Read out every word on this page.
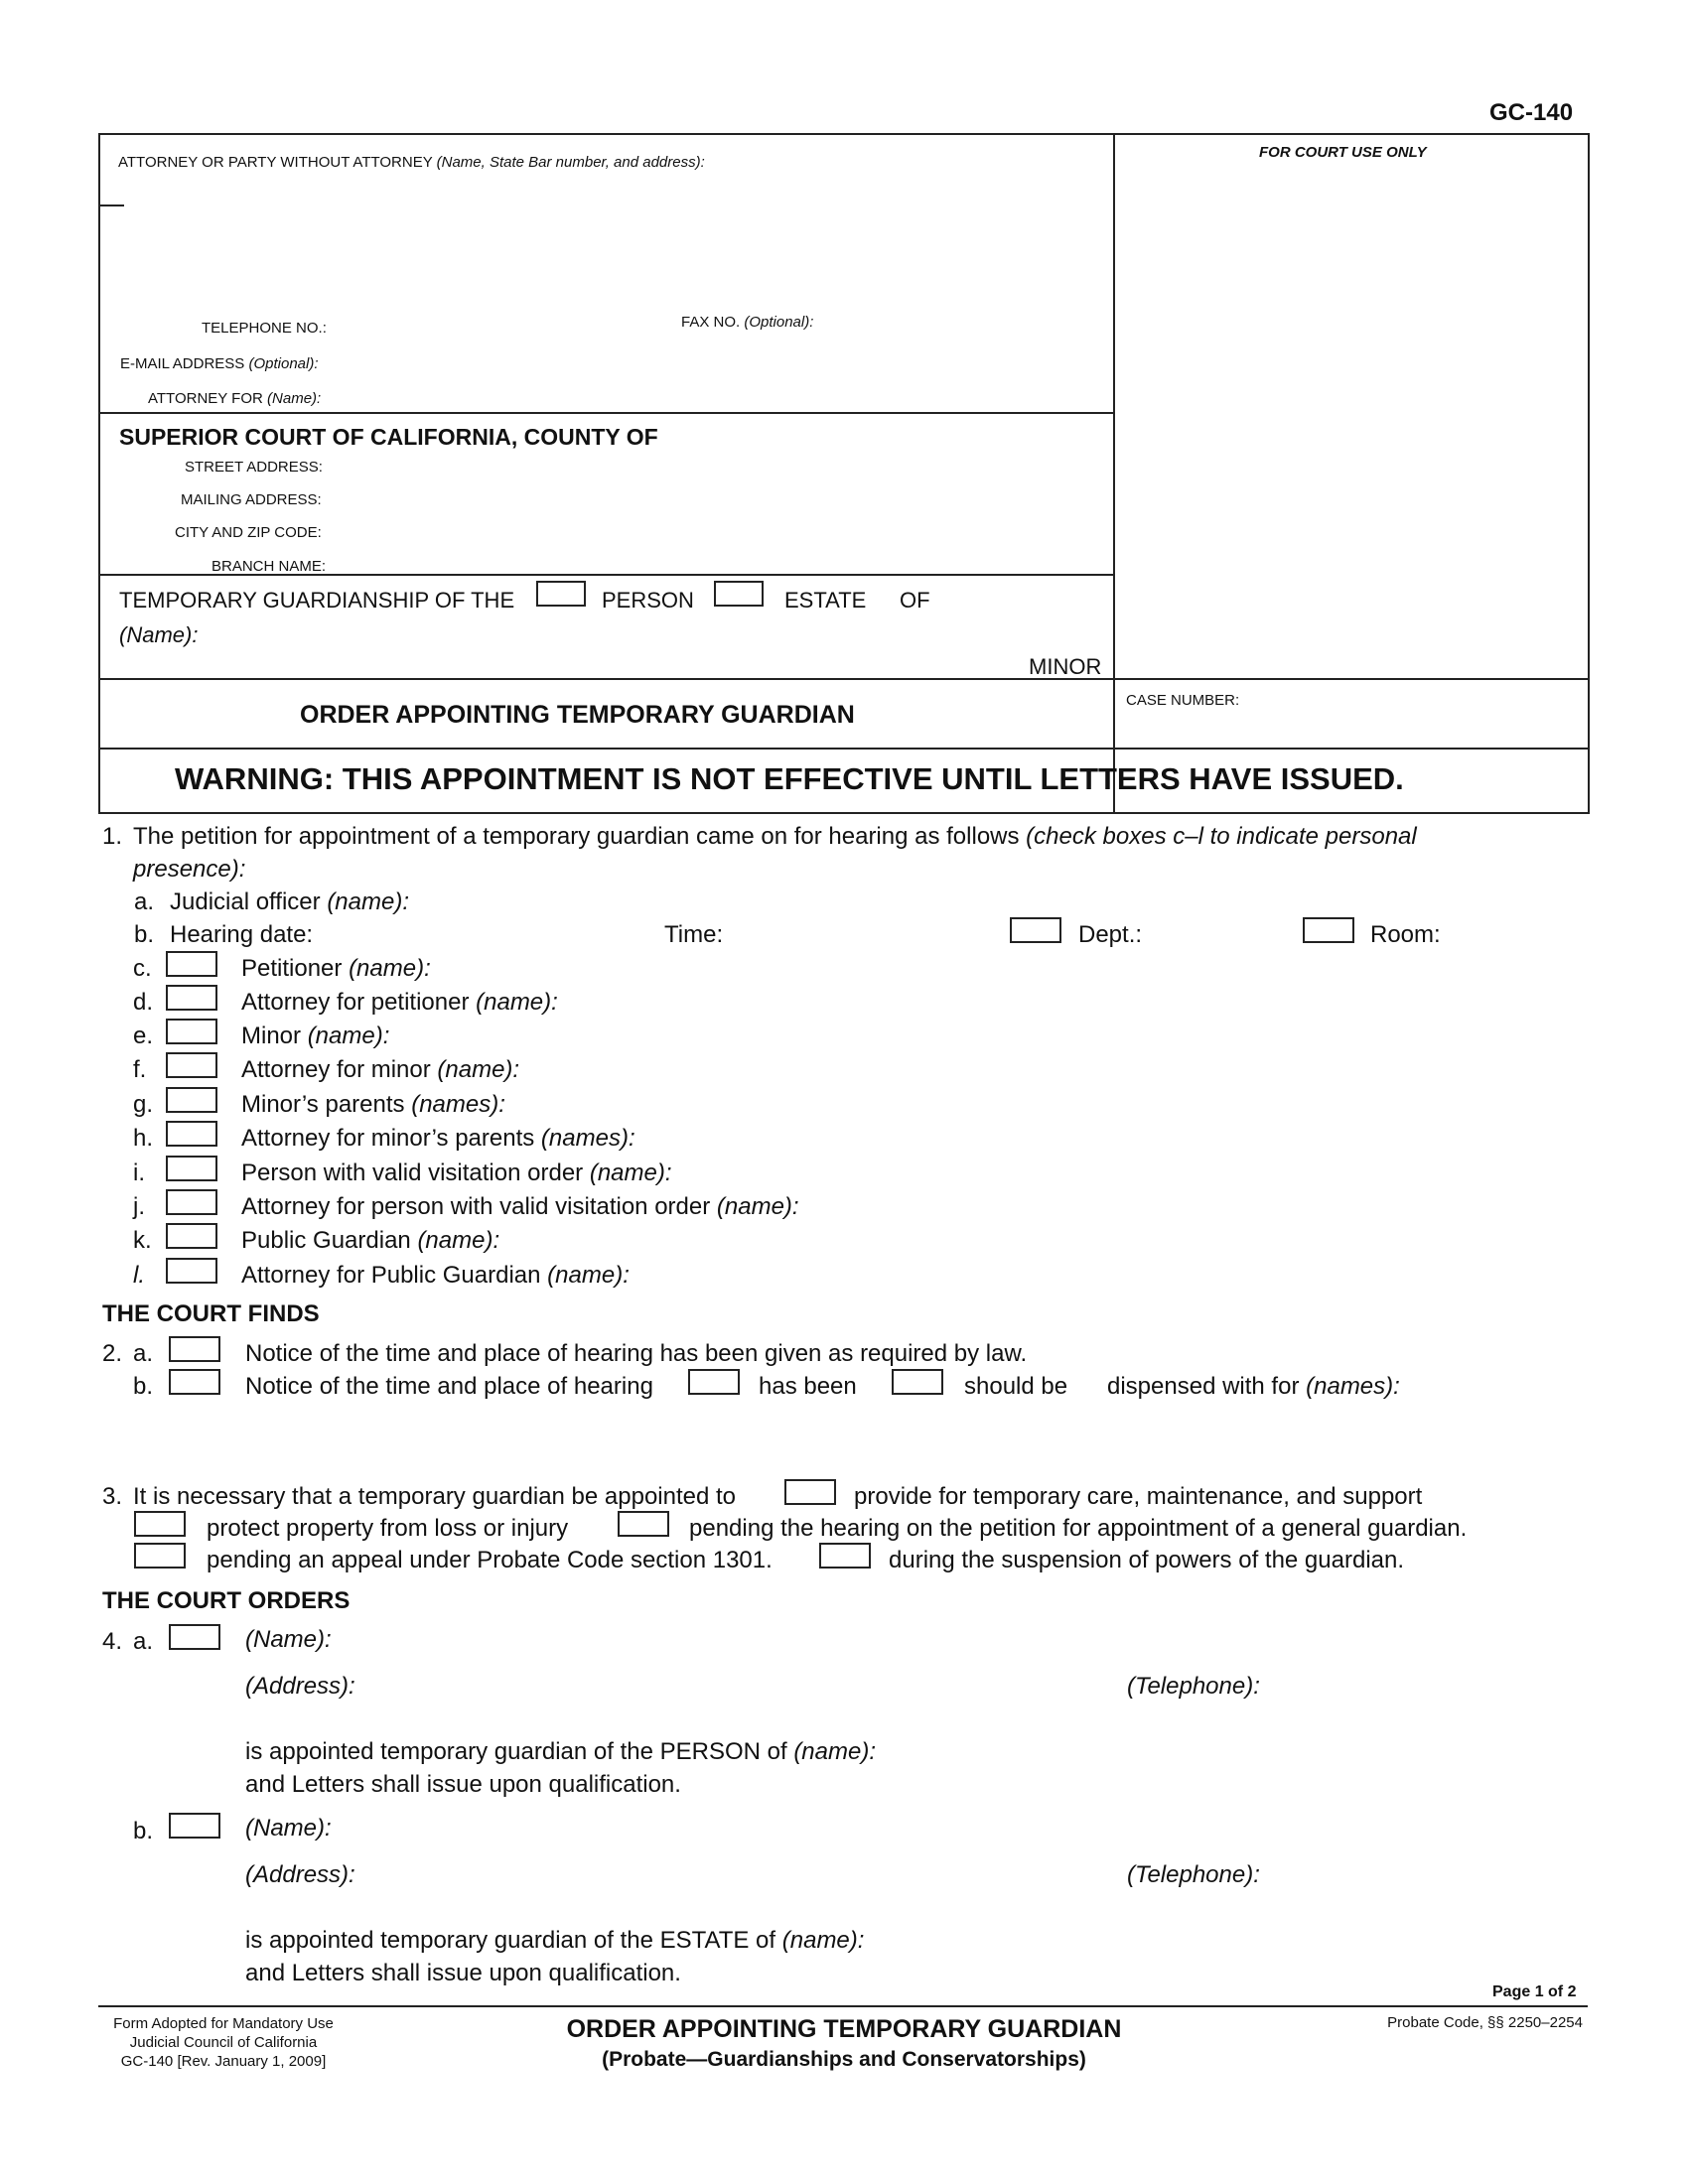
GC-140
ATTORNEY OR PARTY WITHOUT ATTORNEY (Name, State Bar number, and address):
TELEPHONE NO.:	FAX NO. (Optional):
E-MAIL ADDRESS (Optional):
ATTORNEY FOR (Name):
FOR COURT USE ONLY
SUPERIOR COURT OF CALIFORNIA, COUNTY OF
STREET ADDRESS:
MAILING ADDRESS:
CITY AND ZIP CODE:
BRANCH NAME:
TEMPORARY GUARDIANSHIP OF THE	PERSON	ESTATE OF
(Name):
MINOR
ORDER APPOINTING TEMPORARY GUARDIAN
CASE NUMBER:
WARNING: THIS APPOINTMENT IS NOT EFFECTIVE UNTIL LETTERS HAVE ISSUED.
1. The petition for appointment of a temporary guardian came on for hearing as follows (check boxes c–l to indicate personal
presence):
a. Judicial officer (name):
b. Hearing date:	Time:	Dept.:	Room:
c.	Petitioner (name):
d.	Attorney for petitioner (name):
e.	Minor (name):
f.	Attorney for minor (name):
g.	Minor’s parents (names):
h.	Attorney for minor’s parents (names):
i.	Person with valid visitation order (name):
j.	Attorney for person with valid visitation order (name):
k.	Public Guardian (name):
l.	Attorney for Public Guardian (name):
THE COURT FINDS
2. a.	Notice of the time and place of hearing has been given as required by law.
b.	Notice of the time and place of hearing	has been	should be dispensed with for (names):
3. It is necessary that a temporary guardian be appointed to	provide for temporary care, maintenance, and support
protect property from loss or injury	pending the hearing on the petition for appointment of a general guardian.
pending an appeal under Probate Code section 1301.	during the suspension of powers of the guardian.
THE COURT ORDERS
4. a.	(Name):
(Address):	(Telephone):
is appointed temporary guardian of the PERSON of (name):
and Letters shall issue upon qualification.
b.	(Name):
(Address):	(Telephone):
is appointed temporary guardian of the ESTATE of (name):
and Letters shall issue upon qualification.
Page 1 of 2
Form Adopted for Mandatory Use
Judicial Council of California
GC-140 [Rev. January 1, 2009]
ORDER APPOINTING TEMPORARY GUARDIAN
(Probate—Guardianships and Conservatorships)
Probate Code, §§ 2250–2254
